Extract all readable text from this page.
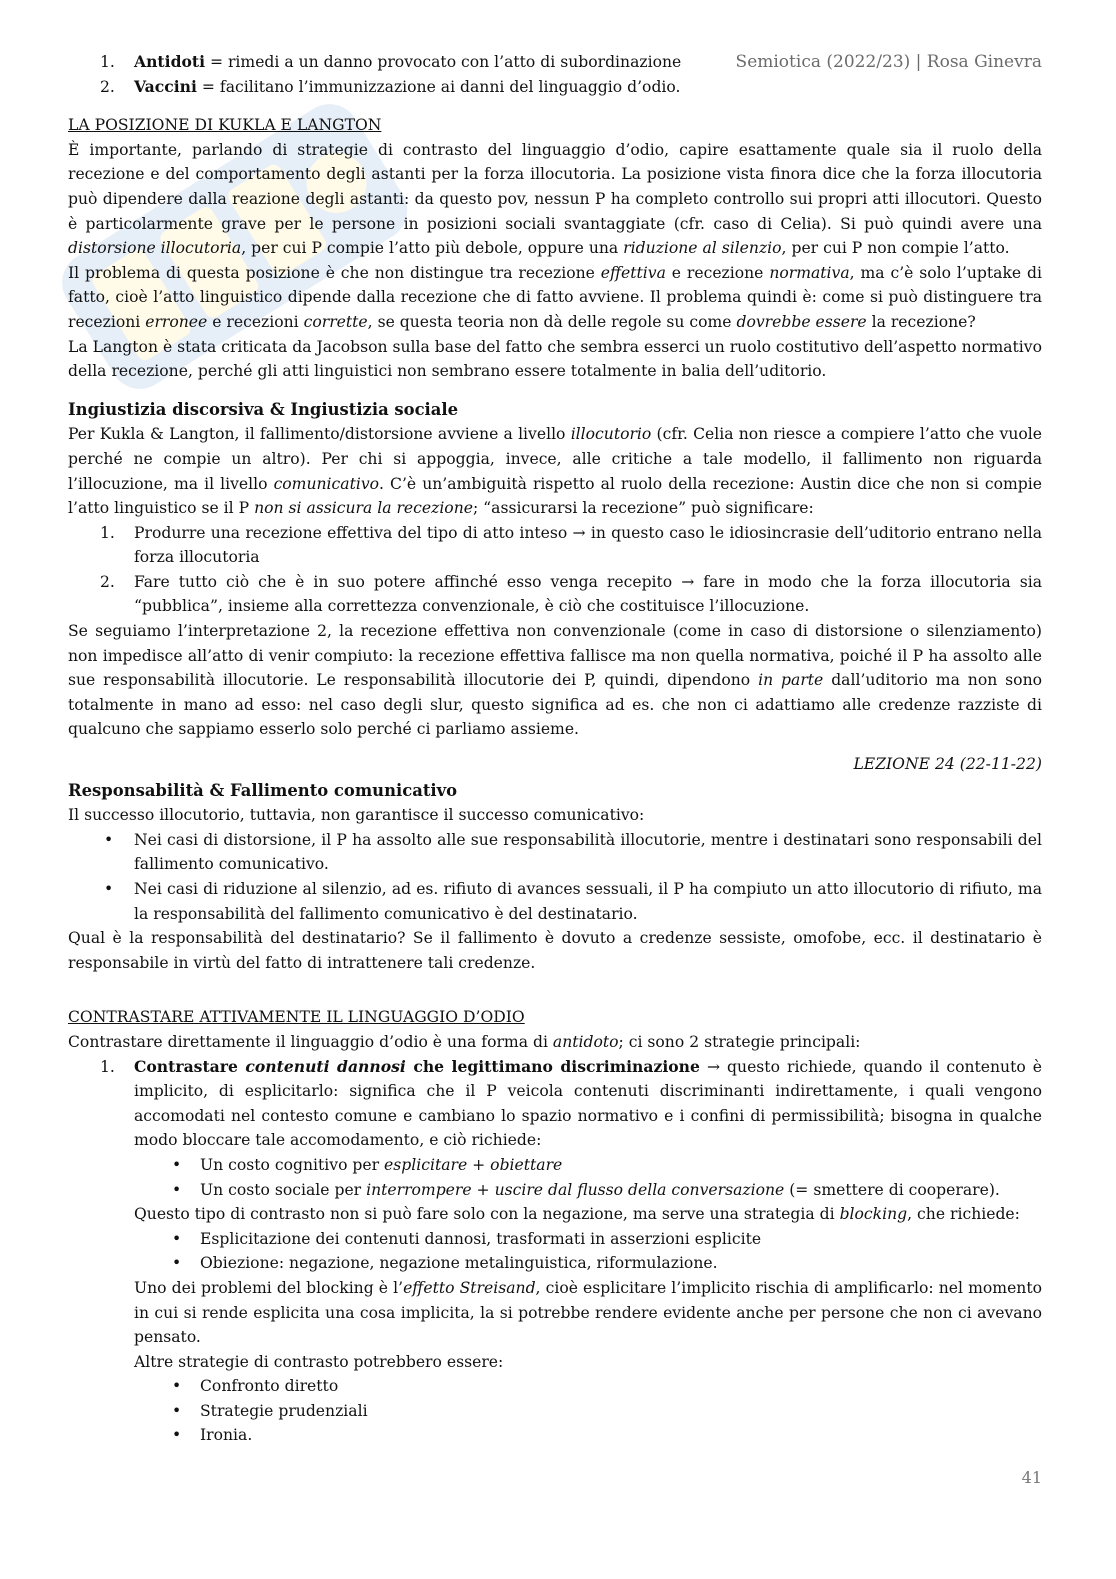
Semiotica (2022/23) | Rosa Ginevra
1. Antidoti = rimedi a un danno provocato con l’atto di subordinazione
2. Vaccini = facilitano l’immunizzazione ai danni del linguaggio d’odio.

LA POSIZIONE DI KUKLA E LANGTON

È importante, parlando di strategie di contrasto del linguaggio d’odio, capire esattamente quale sia il ruolo della recezione e del comportamento degli astanti per la forza illocutoria. La posizione vista finora dice che la forza illocutoria può dipendere dalla reazione degli astanti: da questo pov, nessun P ha completo controllo sui propri atti illocutori. Questo è particolarmente grave per le persone in posizioni sociali svantaggiate (cfr. caso di Celia). Si può quindi avere una distorsione illocutoria, per cui P compie l’atto più debole, oppure una riduzione al silenzio, per cui P non compie l’atto.

Il problema di questa posizione è che non distingue tra recezione effettiva e recezione normativa, ma c’è solo l’uptake di fatto, cioè l’atto linguistico dipende dalla recezione che di fatto avviene. Il problema quindi è: come si può distinguere tra recezioni erronee e recezioni corrette, se questa teoria non dà delle regole su come dovrebbe essere la recezione?

La Langton è stata criticata da Jacobson sulla base del fatto che sembra esserci un ruolo costitutivo dell’aspetto normativo della recezione, perché gli atti linguistici non sembrano essere totalmente in balia dell’uditorio.

Ingiustizia discorsiva & Ingiustizia sociale

Per Kukla & Langton, il fallimento/distorsione avviene a livello illocutorio (cfr. Celia non riesce a compiere l’atto che vuole perché ne compie un altro). Per chi si appoggia, invece, alle critiche a tale modello, il fallimento non riguarda l’illocuzione, ma il livello comunicativo. C’è un’ambiguità rispetto al ruolo della recezione: Austin dice che non si compie l’atto linguistico se il P non si assicura la recezione; “assicurarsi la recezione” può significare:

1. Produrre una recezione effettiva del tipo di atto inteso → in questo caso le idiosincrasie dell’uditorio entrano nella forza illocutoria
2. Fare tutto ciò che è in suo potere affinché esso venga recepito → fare in modo che la forza illocutoria sia “pubblica”, insieme alla correttezza convenzionale, è ciò che costituisce l’illocuzione.

Se seguiamo l’interpretazione 2, la recezione effettiva non convenzionale (come in caso di distorsione o silenziamento) non impedisce all’atto di venir compiuto: la recezione effettiva fallisce ma non quella normativa, poiché il P ha assolto alle sue responsabilità illocutorie. Le responsabilità illocutorie dei P, quindi, dipendono in parte dall’uditorio ma non sono totalmente in mano ad esso: nel caso degli slur, questo significa ad es. che non ci adattiamo alle credenze razziste di qualcuno che sappiamo esserlo solo perché ci parliamo assieme.

LEZIONE 24 (22-11-22)

Responsabilità & Fallimento comunicativo

Il successo illocutorio, tuttavia, non garantisce il successo comunicativo:

• Nei casi di distorsione, il P ha assolto alle sue responsabilità illocutorie, mentre i destinatari sono responsabili del fallimento comunicativo.
• Nei casi di riduzione al silenzio, ad es. rifiuto di avances sessuali, il P ha compiuto un atto illocutorio di rifiuto, ma la responsabilità del fallimento comunicativo è del destinatario.

Qual è la responsabilità del destinatario? Se il fallimento è dovuto a credenze sessiste, omofobe, ecc. il destinatario è responsabile in virtù del fatto di intrattenere tali credenze.

CONTRASTARE ATTIVAMENTE IL LINGUAGGIO D’ODIO

Contrastare direttamente il linguaggio d’odio è una forma di antidoto; ci sono 2 strategie principali:

1. Contrastare contenuti dannosi che legittimano discriminazione → questo richiede, quando il contenuto è implicito, di esplicitarlo: significa che il P veicola contenuti discriminanti indirettamente, i quali vengono accomodati nel contesto comune e cambiano lo spazio normativo e i confini di permissibilità; bisogna in qualche modo bloccare tale accomodamento, e ciò richiede:
• Un costo cognitivo per esplicitare + obiettare
• Un costo sociale per interrompere + uscire dal flusso della conversazione (= smettere di cooperare).

Questo tipo di contrasto non si può fare solo con la negazione, ma serve una strategia di blocking, che richiede:

• Esplicitazione dei contenuti dannosi, trasformati in asserzioni esplicite
• Obiezione: negazione, negazione metalinguistica, riformulazione.

Uno dei problemi del blocking è l’effetto Streisand, cioè esplicitare l’implicito rischia di amplificarlo: nel momento in cui si rende esplicita una cosa implicita, la si potrebbe rendere evidente anche per persone che non ci avevano pensato.

Altre strategie di contrasto potrebbero essere:

• Confronto diretto
• Strategie prudenziali
• Ironia.
41
